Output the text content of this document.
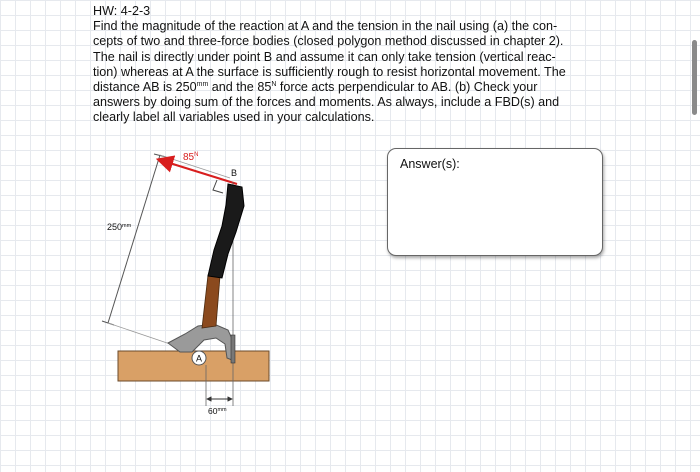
HW: 4-2-3
Find the magnitude of the reaction at A and the tension in the nail using (a) the con-
cepts of two and three-force bodies (closed polygon method discussed in chapter 2).
The nail is directly under point B and assume it can only take tension (vertical reac-
tion) whereas at A the surface is sufficiently rough to resist horizontal movement. The
distance AB is $250^{mm}$ and the $85^N$ force acts perpendicular to AB. (b) Check your
answers by doing sum of the forces and moments. As always, include a FBD(s) and
clearly label all variables used in your calculations.
$85^N$
B
A
$250^{mm}$
$60^{mm}$
Answer(s):
